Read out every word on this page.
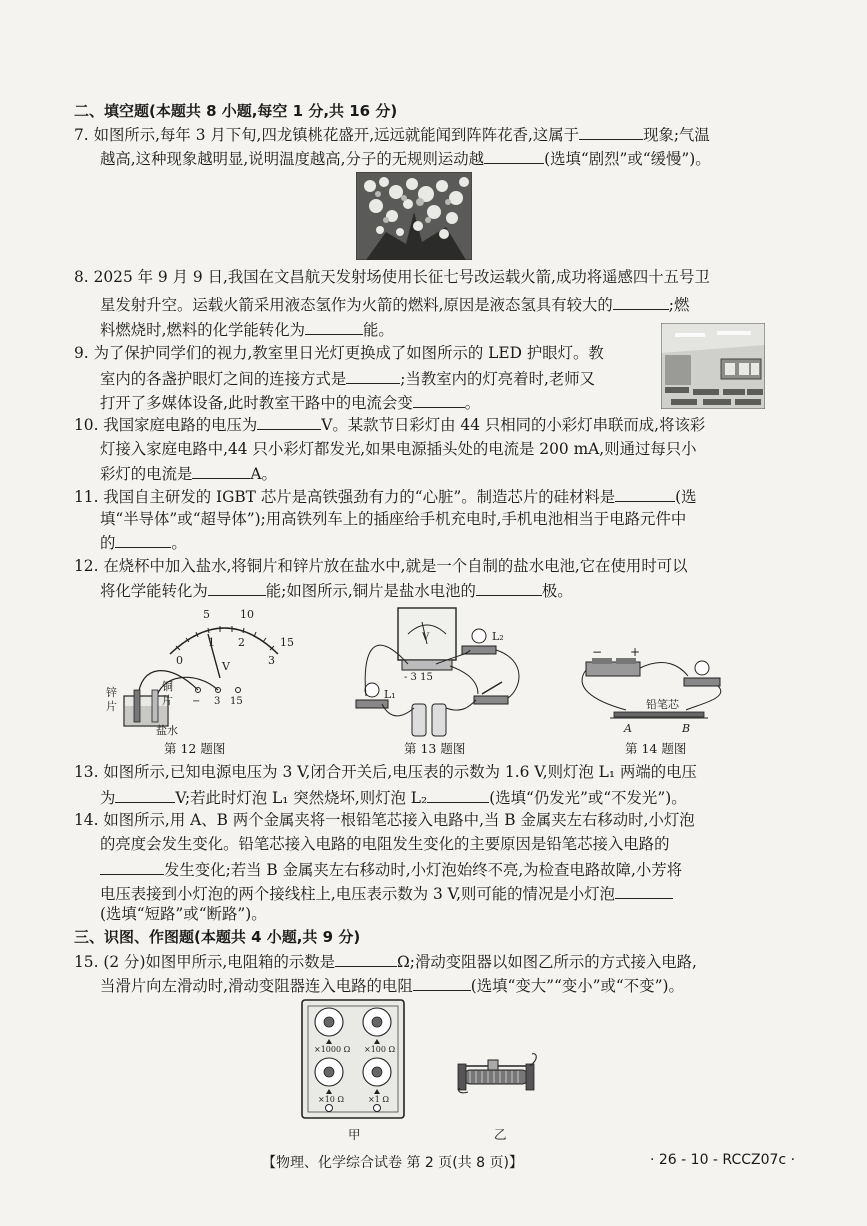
二、填空题(本题共 8 小题,每空 1 分,共 16 分)
7. 如图所示,每年 3 月下旬,四龙镇桃花盛开,远远就能闻到阵阵花香,这属于	现象;气温
越高,这种现象越明显,说明温度越高,分子的无规则运动越	(选填“剧烈”或“缓慢”)。
8. 2025 年 9 月 9 日,我国在文昌航天发射场使用长征七号改运载火箭,成功将遥感四十五号卫
星发射升空。运载火箭采用液态氢作为火箭的燃料,原因是液态氢具有较大的	;燃
料燃烧时,燃料的化学能转化为	能。
9. 为了保护同学们的视力,教室里日光灯更换成了如图所示的 LED 护眼灯。教
室内的各盏护眼灯之间的连接方式是	;当教室内的灯亮着时,老师又
打开了多媒体设备,此时教室干路中的电流会变	。
10. 我国家庭电路的电压为	V。某款节日彩灯由 44 只相同的小彩灯串联而成,将该彩
灯接入家庭电路中,44 只小彩灯都发光,如果电源插头处的电流是 200 mA,则通过每只小
彩灯的电流是	A。
11. 我国自主研发的 IGBT 芯片是高铁强劲有力的“心脏”。制造芯片的硅材料是	(选
填“半导体”或“超导体”);用高铁列车上的插座给手机充电时,手机电池相当于电路元件中
的	。
12. 在烧杯中加入盐水,将铜片和锌片放在盐水中,就是一个自制的盐水电池,它在使用时可以
将化学能转化为	能;如图所示,铜片是盐水电池的	极。
5	10
15
0
1 2
3
V
− 3 15
锌
片
铜
片
盐水
第 12 题图
V
- 3 15
L₂
L₁
第 13 题图
− +
铅笔芯
A	B
第 14 题图
13. 如图所示,已知电源电压为 3 V,闭合开关后,电压表的示数为 1.6 V,则灯泡 L₁ 两端的电压
为	V;若此时灯泡 L₁ 突然烧坏,则灯泡 L₂	(选填“仍发光”或“不发光”)。
14. 如图所示,用 A、B 两个金属夹将一根铅笔芯接入电路中,当 B 金属夹左右移动时,小灯泡
的亮度会发生变化。铅笔芯接入电路的电阻发生变化的主要原因是铅笔芯接入电路的
发生变化;若当 B 金属夹左右移动时,小灯泡始终不亮,为检查电路故障,小芳将
电压表接到小灯泡的两个接线柱上,电压表示数为 3 V,则可能的情况是小灯泡
(选填“短路”或“断路”)。
三、识图、作图题(本题共 4 小题,共 9 分)
15. (2 分)如图甲所示,电阻箱的示数是	Ω;滑动变阻器以如图乙所示的方式接入电路,
当滑片向左滑动时,滑动变阻器连入电路的电阻	(选填“变大”“变小”或“不变”)。
×1000 Ω ×100 Ω
×10 Ω	×1 Ω
甲	乙
【物理、化学综合试卷 第 2 页(共 8 页)】	· 26 - 10 - RCCZ07c ·
